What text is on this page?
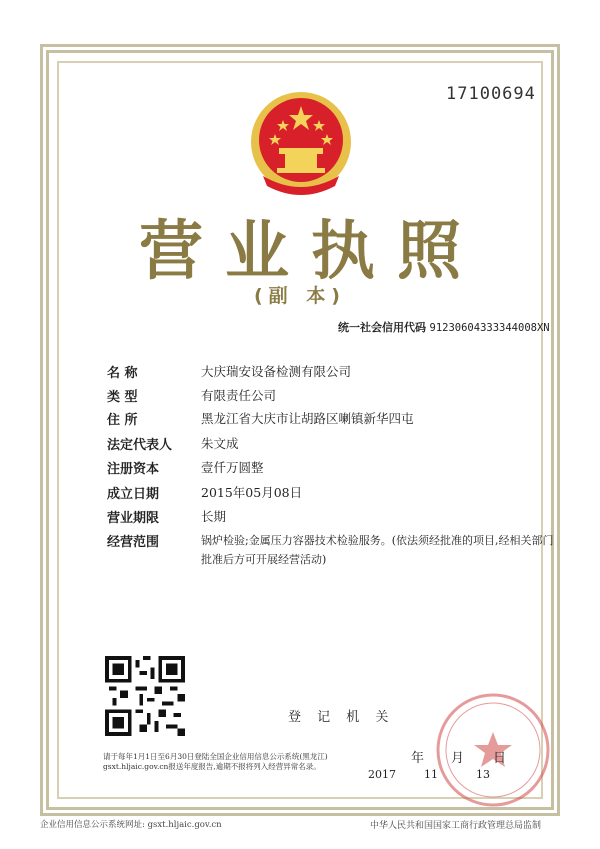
17100694
营业执照
(副 本)
统一社会信用代码 91230604333344008XN
名 称	大庆瑞安设备检测有限公司
类 型	有限责任公司
住 所	黑龙江省大庆市让胡路区喇镇新华四屯
法定代表人 朱文成
注册资本	壹仟万圆整
成立日期	2015年05月08日
营业期限	长期
经营范围	锅炉检验;金属压力容器技术检验服务。(依法须经批准的项目,经相关部门批准后方可开展经营活动)
登 记 机 关
请于每年1月1日至6月30日登陆全国企业信用信息公示系统(黑龙江) gsxt.hljaic.gov.cn报送年度报告,逾期不报将列入经营异常名录。
年 月 日
2017	11	13
企业信用信息公示系统网址: gsxt.hljaic.gov.cn	中华人民共和国国家工商行政管理总局监制
